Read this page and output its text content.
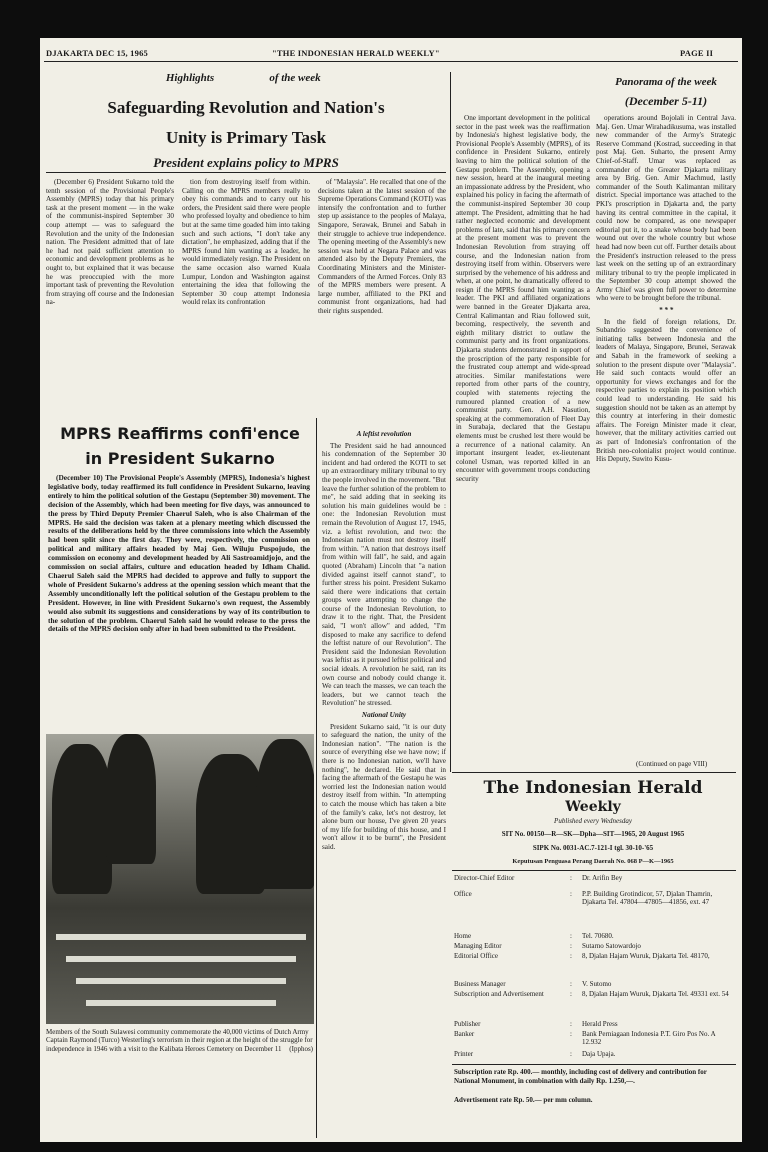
DJAKARTA DEC 15, 1965	"THE INDONESIAN HERALD WEEKLY"	PAGE II
Highlights	of the week
Safeguarding Revolution and Nation's
Unity is Primary Task
President explains policy to MPRS

(December 6) President Sukarno told the tenth session of the Provisional People's Assembly (MPRS) today that his primary task at the present moment — in the wake of the communist-inspired September 30 coup attempt — was to safeguard the Revolution and the unity of the Indonesian nation. The President admitted that of late he had not paid sufficient attention to economic and development problems as he ought to, but explained that it was because he was preoccupied with the more important task of preventing the Revolution from straying off course and the Indonesian na-

tion from destroying itself from within. Calling on the MPRS members really to obey his commands and to carry out his orders, the President said there were people who professed loyalty and obedience to him but at the same time goaded him into taking such and such actions, "I don't take any dictation", he emphasized, adding that if the MPRS found him wanting as a leader, he would immediately resign. The President on the same occasion also warned Kuala Lumpur, London and Washington against entertaining the idea that following the September 30 coup attempt Indonesia would relax its confrontation

of "Malaysia". He recalled that one of the decisions taken at the latest session of the Supreme Operations Command (KOTI) was intensify the confrontation and to further step up assistance to the peoples of Malaya, Singapore, Serawak, Brunei and Sabah in their struggle to achieve true independence. The opening meeting of the Assembly's new session was held at Negara Palace and was attended also by the Deputy Premiers, the Coordinating Ministers and the Minister-Commanders of the Armed Forces. Only 83 of the MPRS members were present. A large number, affiliated to the PKI and communist front organizations, had had their rights suspended.

MPRS Reaffirms confi'ence
in President Sukarno

(December 10) The Provisional People's Assembly (MPRS), Indonesia's highest legislative body, today reaffirmed its full confidence in President Sukarno, leaving entirely to him the political solution of the Gestapu (September 30) movement. The decision of the Assembly, which had been meeting for five days, was announced to the press by Third Deputy Premier Chaerul Saleh, who is also Chairman of the MPRS. He said the decision was taken at a plenary meeting which discussed the results of the deliberations held by the three commissions into which the Assembly had been split since the first day. They were, respectively, the commission on political and military affairs headed by Maj Gen. Wiluju Puspojudo, the commission on economy and development headed by Ali Sastroamidjojo, and the commission on social affairs, culture and education headed by Idham Chalid. Chaerul Saleh said the MPRS had decided to approve and fully to support the whole of President Sukarno's address at the opening session which meant that the Assembly unconditionally left the political solution of the Gestapu problem to the President. However, in line with President Sukarno's own request, the Assembly would also submit its suggestions and considerations by way of its contribution to the solution of the problem. Chaerul Saleh said he would release to the press the details of the MPRS decision only after in had been submitted to the President.

Members of the South Sulawesi community commemorate the 40,000 victims of Dutch Army Captain Raymond (Turco) Westerling's terrorism in their region at the height of the struggle for independence in 1946 with a visit to the Kalibata Heroes Cemetery on December 11 (Ipphos)

A leftist revolution

The President said he had announced his condemnation of the September 30 incident and had ordered the KOTI to set up an extraordinary military tribunal to try the people involved in the movement. "But leave the further solution of the problem to me", he said adding that in seeking its solution his main guidelines would be : one: the Indonesian Revolution must remain the Revolution of August 17, 1945, viz. a leftist revolution, and two: the Indonesian nation must not destroy itself from within. "A nation that destroys itself from within will fall", he said, and again quoted (Abraham) Lincoln that "a nation divided against itself cannot stand", to further stress his point. President Sukarno said there were indications that certain groups were attempting to change the course of the Indonesian Revolution, to draw it to the right. That, the President said, "I won't allow" and added, "I'm disposed to make any sacrifice to defend the leftist nature of our Revolution". The President said the Indonesian Revolution was leftist as it pursued leftist political and social ideals. A revolution he said, ran its own course and nobody could change it. We can teach the masses, we can teach the leaders, but we cannot teach the Revolution" he stressed.

National Unity

President Sukarno said, "it is our duty to safeguard the nation, the unity of the Indonesian nation". "The nation is the source of everything else we have now; if there is no Indonesian nation, we'll have nothing", he declared. He said that in facing the aftermath of the Gestapu he was worried lest the Indonesian nation would destroy itself from within. "In attempting to catch the mouse which has taken a bite of the family's cake, let's not destroy, let alone burn our house, I've given 20 years of my life for building of this house, and I won't allow it to be burnt", the President said.

One important development in the political sector in the past week was the reaffirmation by Indonesia's highest legislative body, the Provisional People's Assembly (MPRS), of its confidence in President Sukarno, entirely leaving to him the political solution of the Gestapu problem. The Assembly, opening a new session, heard at the inaugural meeting an impassionate address by the President, who explained his policy in facing the aftermath of the communist-inspired September 30 coup attempt. The President, admitting that he had rather neglected economic and development problems of late, said that his primary concern at the present moment was to prevent the Indonesian Revolution from straying off course, and the Indonesian nation from destroying itself from within. Observers were surprised by the vehemence of his address and when, at one point, he dramatically offered to resign if the MPRS found him wanting as a leader. The PKI and affiliated organizations were banned in the Greater Djakarta area, Central Kalimantan and Riau followed suit, becoming, respectively, the seventh and eighth military district to outlaw the communist party and its front organizations. Djakarta students demonstrated in support of the proscription of the party responsible for the frustrated coup attempt and wide-spread atrocities. Similar manifestations were reported from other parts of the country, coupled with statements rejecting the rumoured planned creation of a new communist party. Gen. A.H. Nasution, speaking at the commemoration of Fleet Day in Surabaja, declared that the Gestapu elements must be crushed lest there would be a recurrence of a national calamity. An important insurgent leader, ex-lieutenant colonel Usman, was reported killed in an encounter with government troops conducting security

Panorama of the week
(December 5-11)

operations around Bojolali in Central Java. Maj. Gen. Umar Wirahadikusuma, was installed new commander of the Army's Strategic Reserve Command (Kostrad, succeeding in that post Maj. Gen. Suharto, the present Army Chief-of-Staff. Umar was replaced as commander of the Greater Djakarta military area by Brig. Gen. Amir Machmud, lastly commander of the South Kalimantan military district. Special importance was attached to the PKI's proscription in Djakarta and, the party having its central committee in the capital, it could now be compared, as one newspaper editorial put it, to a snake whose body had been wound out over the whole country but whose head had now been cut off. Further details about the President's instruction released to the press last week on the setting up of an extraordinary military tribunal to try the people implicated in the September 30 coup attempt showed the Army Chief was given full power to determine who were to be brought before the tribunal.

* * *

In the field of foreign relations, Dr. Subandrio suggested the convenience of initiating talks between Indonesia and the leaders of Malaya, Singapore, Brunei, Serawak and Sabah in the framework of seeking a solution to the present dispute over "Malaysia". He said such contacts would offer an opportunity for views exchanges and for the respective parties to explain its position which could lead to understanding. He said his suggestion should not be taken as an attempt by this country at interfering in their domestic affairs. The Foreign Minister made it clear, however, that the military activities carried out as part of Indonesia's confrontation of the British neo-colonialist project would continue. His Deputy, Suwito Kusu-

(Continued on page VIII)
The Indonesian Herald
Weekly
Published every Wednesday
SIT No. 00150—R—SK—Dpha—SIT—1965, 20 August 1965
SIPK No. 0031-AC.7-121-I tgl. 30-10-'65
Keputusan Penguasa Perang Daerah No. 068 P—K—1965
Director-Chief Editor	: Dr. Arifin Bey
Office	: P.P. Building Grotindicor, 57, Djalan Thamrin, Djakarta Tel. 47804—47805—41856, ext. 47
Home	: Tel. 70680.
Managing Editor	: Sutarno Satowardojo
Editorial Office	: 8, Djalan Hajam Wuruk, Djakarta Tel. 48170,
Business Manager	: V. Sutomo
Subscription and Advertisement	: 8, Djalan Hajam Wuruk, Djakarta Tel. 49331 ext. 54
Publisher	: Herald Press
Banker	: Bank Perniagaan Indonesia P.T. Giro Pos No. A 12.932
Printer	: Daja Upaja.
Subscription rate Rp. 400.— monthly, including cost of delivery and contribution for National Monument, in combination with daily Rp. 1.250,—.
Advertisement rate Rp. 50.— per mm column.
